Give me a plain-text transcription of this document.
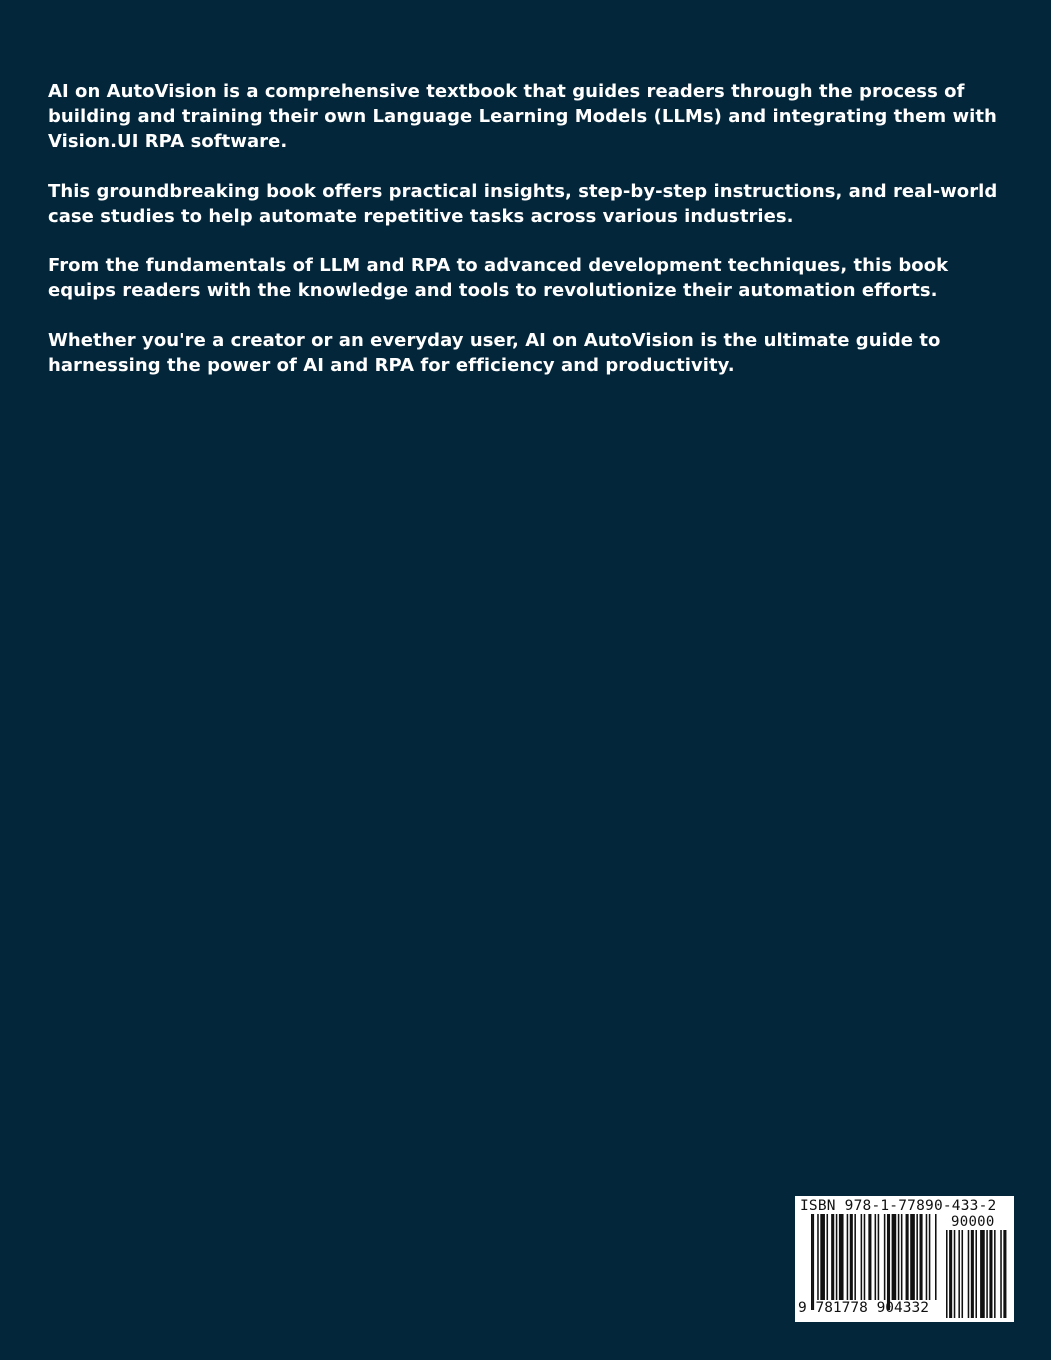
AI on AutoVision is a comprehensive textbook that guides readers through the process of building and training their own Language Learning Models (LLMs) and integrating them with Vision.UI RPA software.

This groundbreaking book offers practical insights, step-by-step instructions, and real-world case studies to help automate repetitive tasks across various industries.

From the fundamentals of LLM and RPA to advanced development techniques, this book equips readers with the knowledge and tools to revolutionize their automation efforts.

Whether you're a creator or an everyday user, AI on AutoVision is the ultimate guide to harnessing the power of AI and RPA for efficiency and productivity.

ISBN 978-1-77890-433-2
90000
9 781778 904332
